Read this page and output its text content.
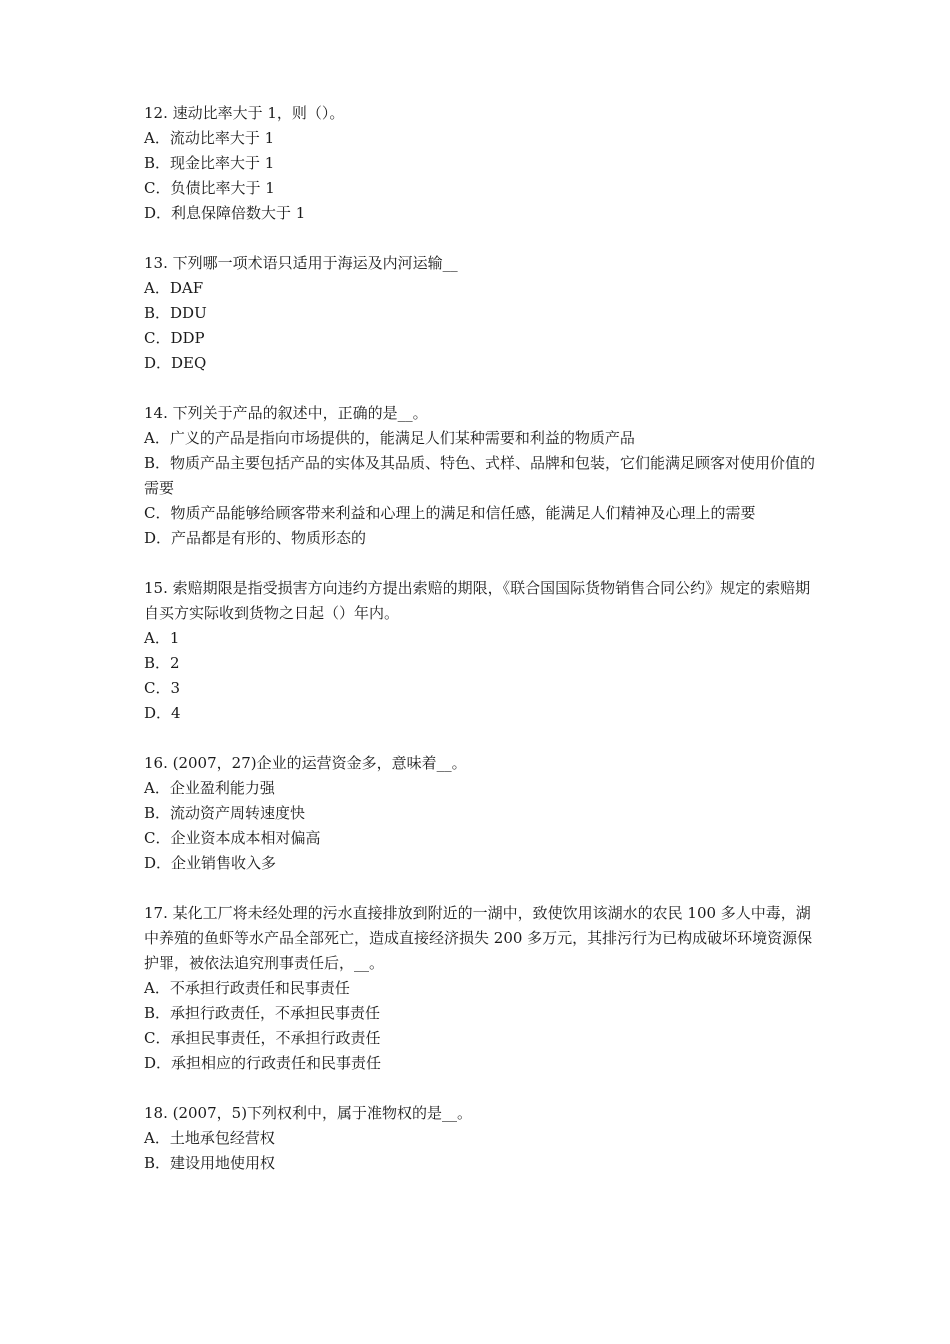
12. 速动比率大于 1，则（）。
A．流动比率大于 1
B．现金比率大于 1
C．负债比率大于 1
D．利息保障倍数大于 1
13. 下列哪一项术语只适用于海运及内河运输__
A．DAF
B．DDU
C．DDP
D．DEQ
14. 下列关于产品的叙述中，正确的是__。
A．广义的产品是指向市场提供的，能满足人们某种需要和利益的物质产品
B．物质产品主要包括产品的实体及其品质、特色、式样、品牌和包装，它们能满足顾客对使用价值的需要
C．物质产品能够给顾客带来利益和心理上的满足和信任感，能满足人们精神及心理上的需要
D．产品都是有形的、物质形态的
15. 索赔期限是指受损害方向违约方提出索赔的期限，《联合国国际货物销售合同公约》规定的索赔期自买方实际收到货物之日起（）年内。
A．1
B．2
C．3
D．4
16. (2007，27)企业的运营资金多，意味着__。
A．企业盈利能力强
B．流动资产周转速度快
C．企业资本成本相对偏高
D．企业销售收入多
17. 某化工厂将未经处理的污水直接排放到附近的一湖中，致使饮用该湖水的农民 100 多人中毒，湖中养殖的鱼虾等水产品全部死亡，造成直接经济损失 200 多万元，其排污行为已构成破坏环境资源保护罪，被依法追究刑事责任后，__。
A．不承担行政责任和民事责任
B．承担行政责任，不承担民事责任
C．承担民事责任，不承担行政责任
D．承担相应的行政责任和民事责任
18. (2007，5)下列权利中，属于准物权的是__。
A．土地承包经营权
B．建设用地使用权
